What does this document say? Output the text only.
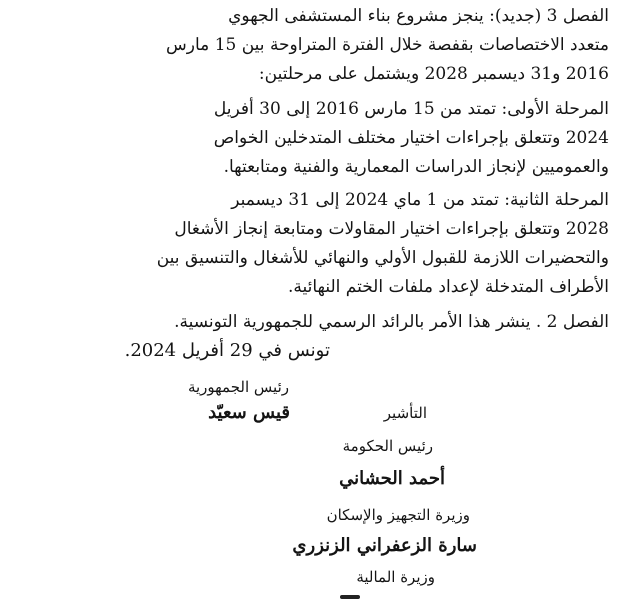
الفصل 3 (جديد): ينجز مشروع بناء المستشفى الجهوي
متعدد الاختصاصات بقفصة خلال الفترة المتراوحة بين 15 مارس
2016 و31 ديسمبر 2028 ويشتمل على مرحلتين:
المرحلة الأولى: تمتد من 15 مارس 2016 إلى 30 أفريل
2024 وتتعلق بإجراءات اختيار مختلف المتدخلين الخواص
والعموميين لإنجاز الدراسات المعمارية والفنية ومتابعتها.
المرحلة الثانية: تمتد من 1 ماي 2024 إلى 31 ديسمبر
2028 وتتعلق بإجراءات اختيار المقاولات ومتابعة إنجاز الأشغال
والتحضيرات اللازمة للقبول الأولي والنهائي للأشغال والتنسيق بين
الأطراف المتدخلة لإعداد ملفات الختم النهائية.
الفصل 2 . ينشر هذا الأمر بالرائد الرسمي للجمهورية التونسية.
تونس في 29 أفريل 2024.
رئيس الجمهورية
قيس سعيّد	التأشير
رئيس الحكومة
أحمد الحشاني
وزيرة التجهيز والإسكان
سارة الزعفراني الزنزري
وزيرة المالية
